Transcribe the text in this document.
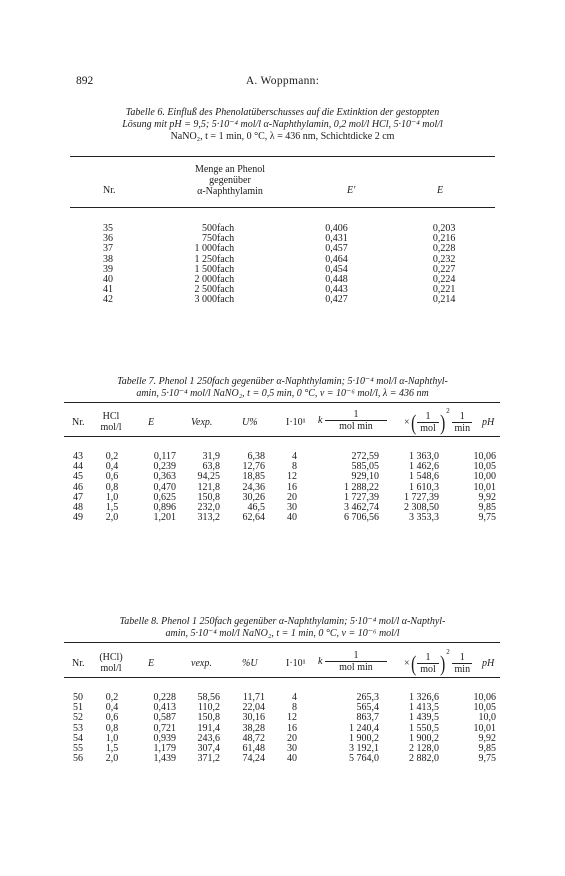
892	A. Woppmann:
Tabelle 6. Einfluß des Phenolatüberschusses auf die Extinktion der gestoppten
Lösung mit pH = 9,5; 5·10⁻⁴ mol/l α-Naphthylamin, 0,2 mol/l HCl, 5·10⁻⁴ mol/l
NaNO₂, t = 1 min, 0 °C, λ = 436 nm, Schichtdicke 2 cm
Nr.
Menge an Phenol
gegenüber
α-Naphthylamin	E′	E
35	500fach	0,406	0,203
36	750fach	0,431	0,216
37	1 000fach	0,457	0,228
38	1 250fach	0,464	0,232
39	1 500fach	0,454	0,227
40	2 000fach	0,448	0,224
41	2 500fach	0,443	0,221
42	3 000fach	0,427	0,214
Tabelle 7. Phenol 1 250fach gegenüber α-Naphthylamin; 5·10⁻⁴ mol/l α-Naphthyl-
amin, 5·10⁻⁴ mol/l NaNO₂, t = 0,5 min, 0 °C, v = 10⁻⁶ mol/l, λ = 436 nm
Nr.
HCl
mol/l	E	Vexp.	U%	I·10¹ k $\frac{1}{\text{mol min}}$ ×( $\frac{1}{\text{mol}} )^2$
$\frac{1}{\min}$ pH
43	0,2	0,117	31,9	6,38	4	272,59	1 363,0	10,06
44	0,4	0,239	63,8	12,76	8	585,05	1 462,6	10,05
45	0,6	0,363	94,25	18,85	12	929,10	1 548,6	10,00
46	0,8	0,470	121,8	24,36	16	1 288,22	1 610,3	10,01
47	1,0	0,625	150,8	30,26	20	1 727,39	1 727,39	9,92
48	1,5	0,896	232,0	46,5	30	3 462,74	2 308,50	9,85
49	2,0	1,201	313,2	62,64	40	6 706,56	3 353,3	9,75
Tabelle 8. Phenol 1 250fach gegenüber α-Naphthylamin; 5·10⁻⁴ mol/l α-Napthyl-
amin, 5·10⁻⁴ mol/l NaNO₂, t = 1 min, 0 °C, v = 10⁻⁶ mol/l
Nr.
(HCl)
mol/l	E	vexp.	%U	I·10¹ k $\frac{1}{\text{mol min}}$ ×( $\frac{1}{\text{mol}} )^2$
$\frac{1}{\min}$ pH
50	0,2	0,228	58,56	11,71	4	265,3	1 326,6	10,06
51	0,4	0,413	110,2	22,04	8	565,4	1 413,5	10,05
52	0,6	0,587	150,8	30,16	12	863,7	1 439,5	10,0
53	0,8	0,721	191,4	38,28	16	1 240,4	1 550,5	10,01
54	1,0	0,939	243,6	48,72	20	1 900,2	1 900,2	9,92
55	1,5	1,179	307,4	61,48	30	3 192,1	2 128,0	9,85
56	2,0	1,439	371,2	74,24	40	5 764,0	2 882,0	9,75
